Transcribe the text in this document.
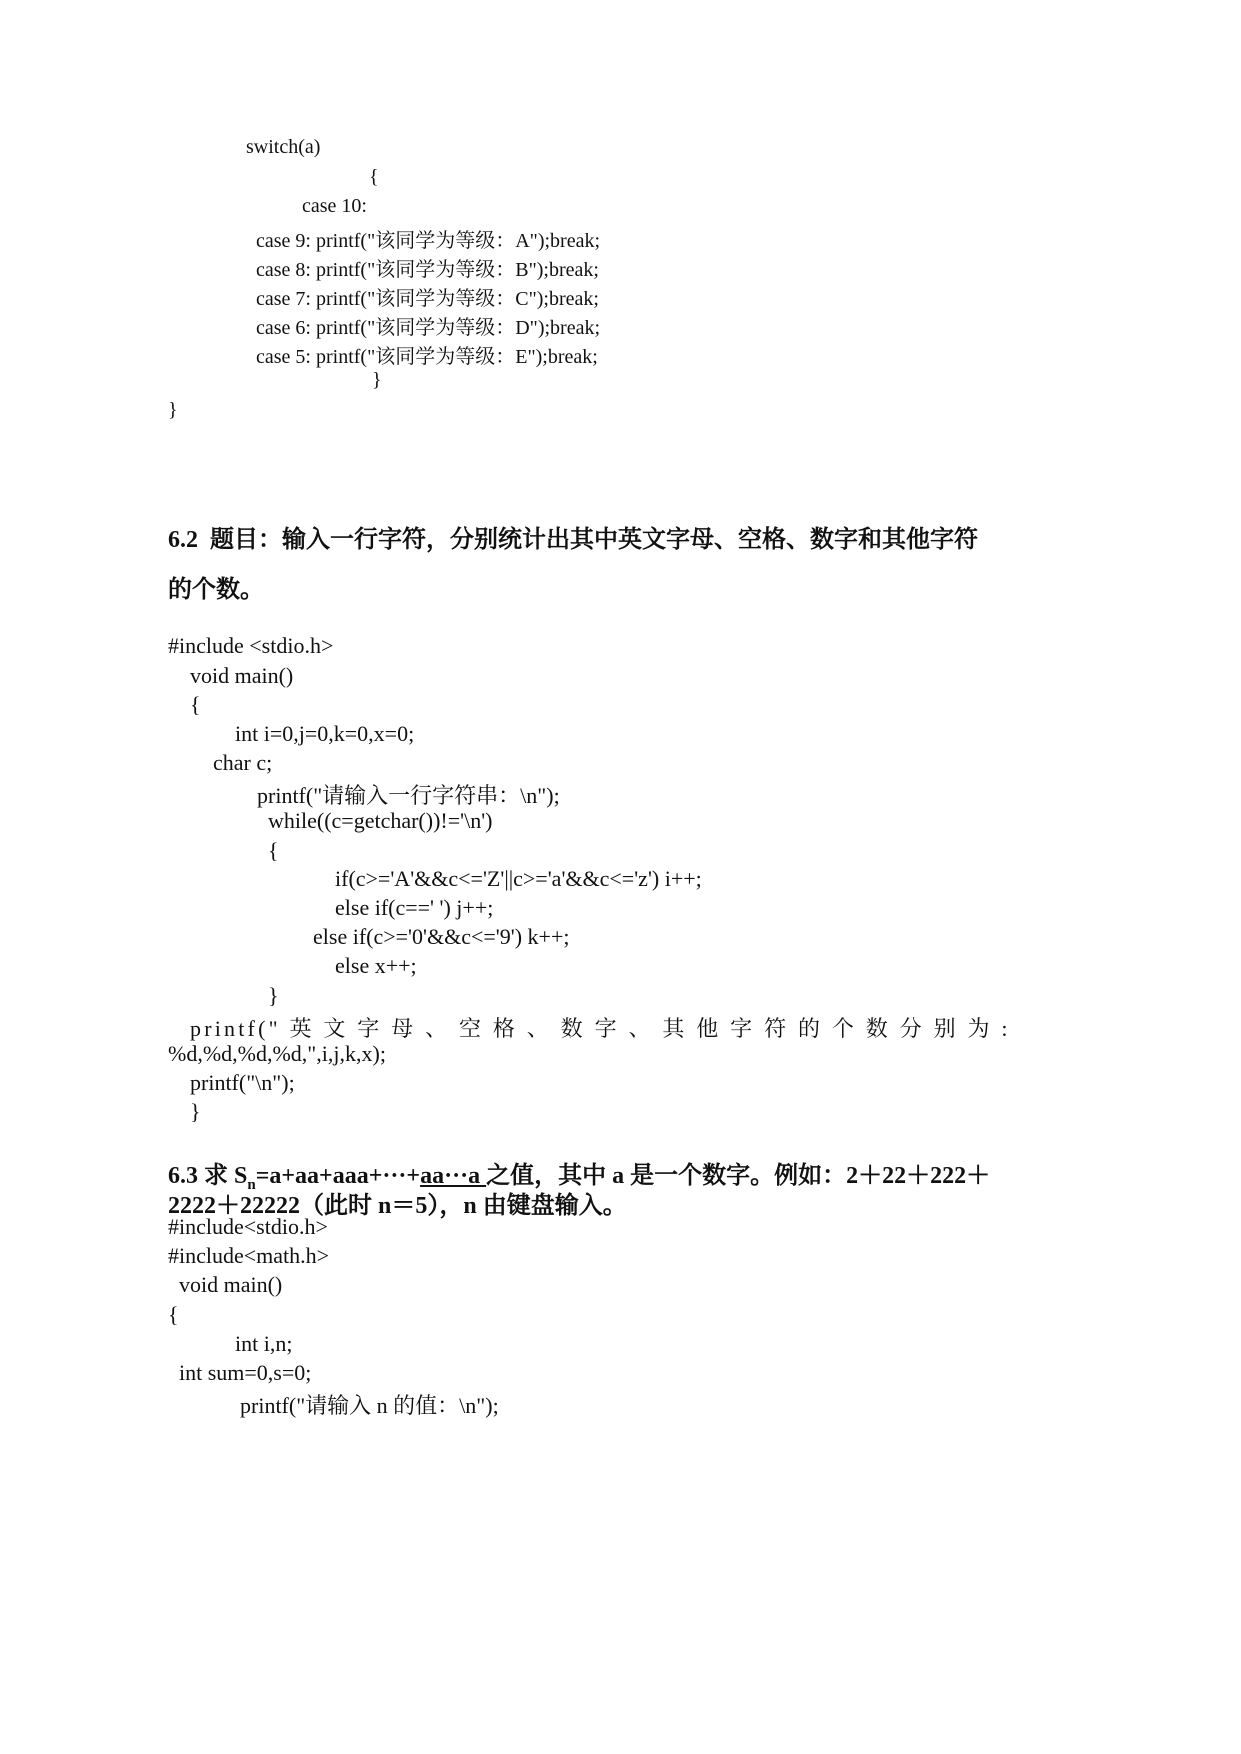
switch(a)
{
case 10:
case 9: printf("该同学为等级：A");break;
case 8: printf("该同学为等级：B");break;
case 7: printf("该同学为等级：C");break;
case 6: printf("该同学为等级：D");break;
case 5: printf("该同学为等级：E");break;
}
}
6.2  题目：输入一行字符，分别统计出其中英文字母、空格、数字和其他字符
的个数。
#include <stdio.h>
void main()
{
int i=0,j=0,k=0,x=0;
char c;
printf("请输入一行字符串：\n");
while((c=getchar())!='\n')
{
if(c>='A'&&c<='Z'||c>='a'&&c<='z') i++;
else if(c==' ') j++;
else if(c>='0'&&c<='9') k++;
else x++;
}
printf(" 英 文 字 母 、 空 格 、 数 字 、 其 他 字 符 的 个 数 分 别 为 :
%d,%d,%d,%d,",i,j,k,x);
printf("\n");
}
6.3 求 $S_n=a+aa+aaa+\cdot\cdot\cdot+aa\cdot\cdot\cdot a$ 之值，其中 a 是一个数字。例如：2＋22＋222＋
2222＋22222（此时 n＝5），n 由键盘输入。
#include<stdio.h>
#include<math.h>
void main()
{
int i,n;
int sum=0,s=0;
printf("请输入 n 的值：\n");
